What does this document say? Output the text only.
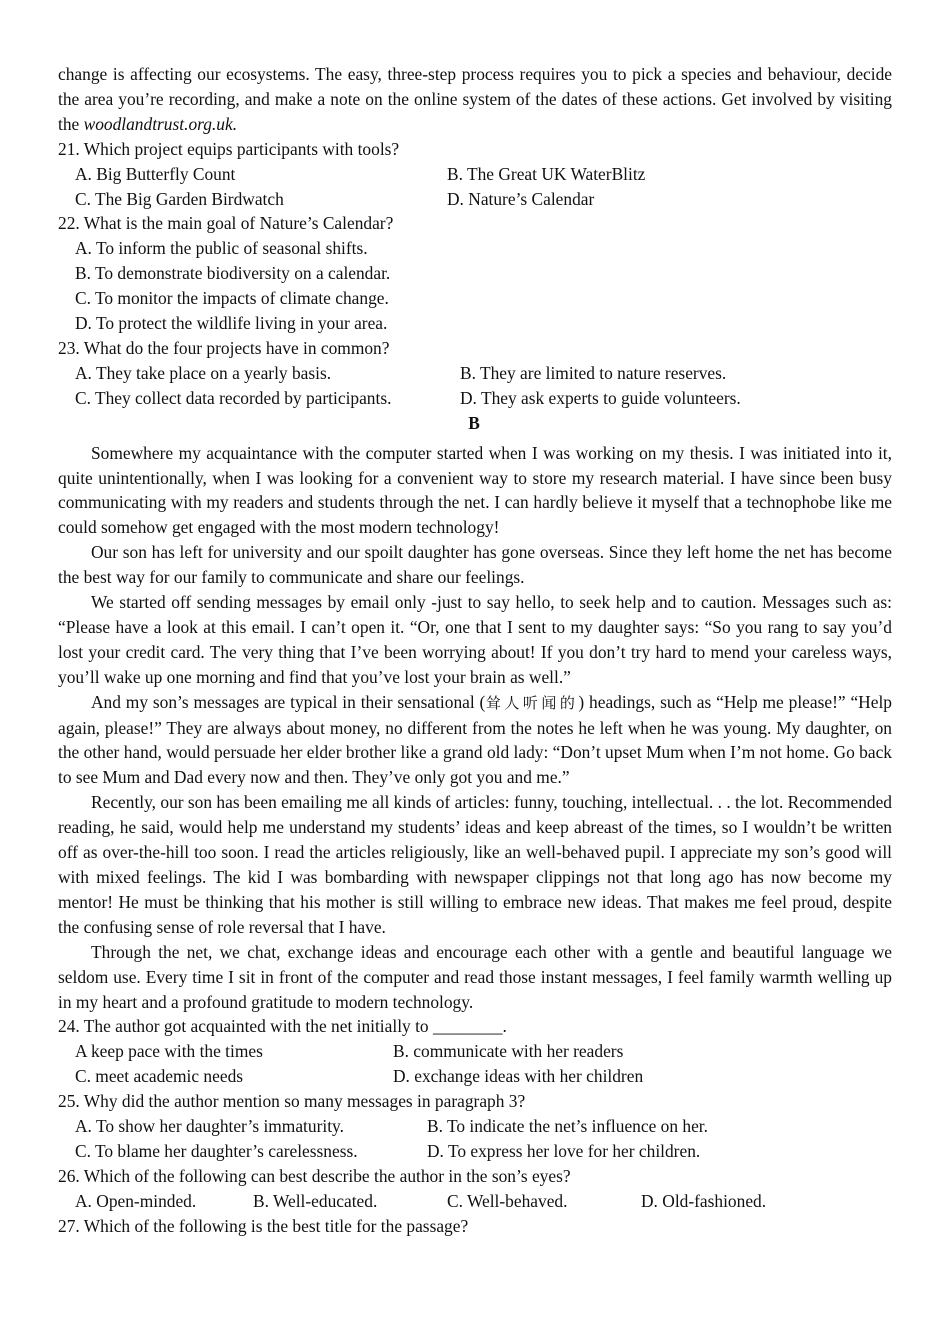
change is affecting our ecosystems. The easy, three-step process requires you to pick a species and behaviour, decide the area you’re recording, and make a note on the online system of the dates of these actions. Get involved by visiting the woodlandtrust.org.uk.

21. Which project equips participants with tools?

A. Big Butterfly Count	B. The Great UK WaterBlitz
C. The Big Garden Birdwatch	D. Nature’s Calendar

22. What is the main goal of Nature’s Calendar?

A. To inform the public of seasonal shifts.
B. To demonstrate biodiversity on a calendar.
C. To monitor the impacts of climate change.
D. To protect the wildlife living in your area.

23. What do the four projects have in common?

A. They take place on a yearly basis.	B. They are limited to nature reserves.
C. They collect data recorded by participants.	D. They ask experts to guide volunteers.

B

Somewhere my acquaintance with the computer started when I was working on my thesis. I was initiated into it, quite unintentionally, when I was looking for a convenient way to store my research material. I have since been busy communicating with my readers and students through the net. I can hardly believe it myself that a technophobe like me could somehow get engaged with the most modern technology!

Our son has left for university and our spoilt daughter has gone overseas. Since they left home the net has become the best way for our family to communicate and share our feelings.

We started off sending messages by email only -just to say hello, to seek help and to caution. Messages such as: “Please have a look at this email. I can’t open it. “Or, one that I sent to my daughter says: “So you rang to say you’d lost your credit card. The very thing that I’ve been worrying about! If you don’t try hard to mend your careless ways, you’ll wake up one morning and find that you’ve lost your brain as well.”

And my son’s messages are typical in their sensational (耸人听闻的) headings, such as “Help me please!” “Help again, please!” They are always about money, no different from the notes he left when he was young. My daughter, on the other hand, would persuade her elder brother like a grand old lady: “Don’t upset Mum when I’m not home. Go back to see Mum and Dad every now and then. They’ve only got you and me.”

Recently, our son has been emailing me all kinds of articles: funny, touching, intellectual. . . the lot. Recommended reading, he said, would help me understand my students’ ideas and keep abreast of the times, so I wouldn’t be written off as over-the-hill too soon. I read the articles religiously, like an well-behaved pupil. I appreciate my son’s good will with mixed feelings. The kid I was bombarding with newspaper clippings not that long ago has now become my mentor! He must be thinking that his mother is still willing to embrace new ideas. That makes me feel proud, despite the confusing sense of role reversal that I have.

Through the net, we chat, exchange ideas and encourage each other with a gentle and beautiful language we seldom use. Every time I sit in front of the computer and read those instant messages, I feel family warmth welling up in my heart and a profound gratitude to modern technology.

24. The author got acquainted with the net initially to ________.

A keep pace with the times	B. communicate with her readers
C. meet academic needs	D. exchange ideas with her children

25. Why did the author mention so many messages in paragraph 3?

A. To show her daughter’s immaturity.	B. To indicate the net’s influence on her.
C. To blame her daughter’s carelessness.	D. To express her love for her children.

26. Which of the following can best describe the author in the son’s eyes?

A. Open-minded.	B. Well-educated.	C. Well-behaved.	D. Old-fashioned.

27. Which of the following is the best title for the passage?
